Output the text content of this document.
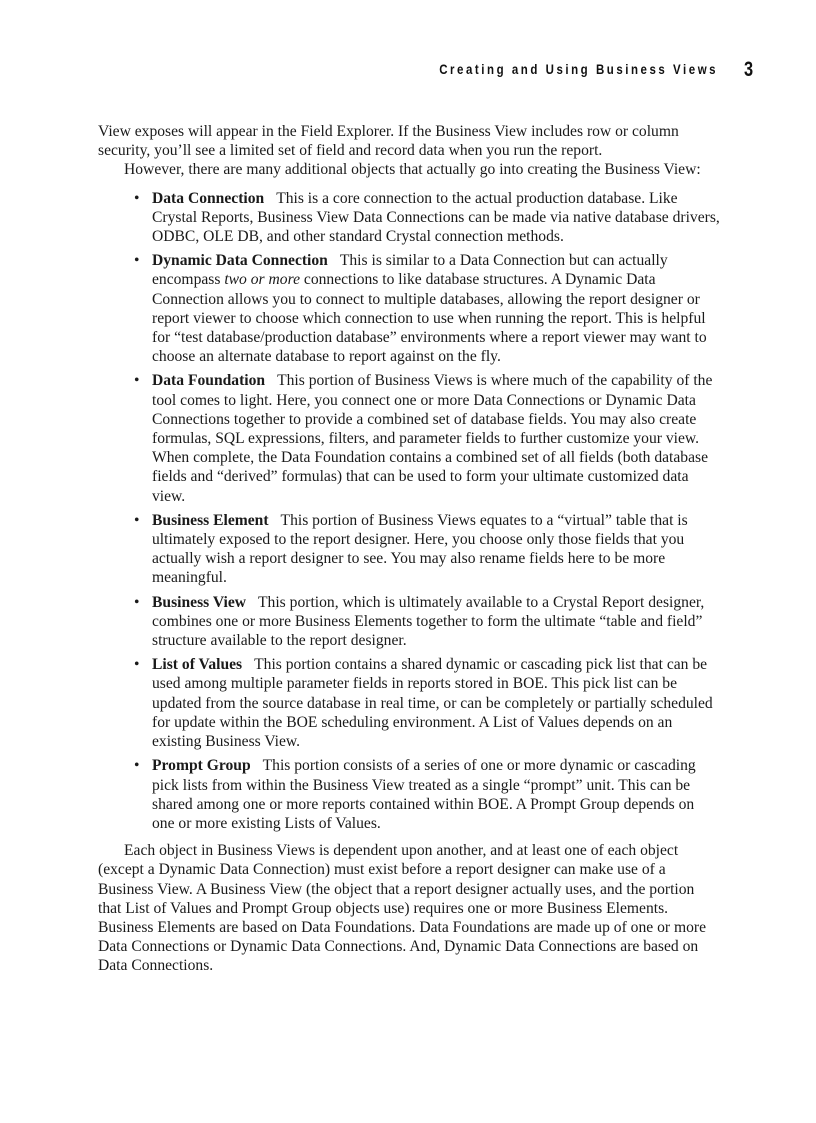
Creating and Using Business Views 3

View exposes will appear in the Field Explorer. If the Business View includes row or column security, you’ll see a limited set of field and record data when you run the report.

However, there are many additional objects that actually go into creating the Business View:

• Data Connection This is a core connection to the actual production database. Like Crystal Reports, Business View Data Connections can be made via native database drivers, ODBC, OLE DB, and other standard Crystal connection methods.
• Dynamic Data Connection This is similar to a Data Connection but can actually encompass two or more connections to like database structures. A Dynamic Data Connection allows you to connect to multiple databases, allowing the report designer or report viewer to choose which connection to use when running the report. This is helpful for “test database/production database” environments where a report viewer may want to choose an alternate database to report against on the fly.
• Data Foundation This portion of Business Views is where much of the capability of the tool comes to light. Here, you connect one or more Data Connections or Dynamic Data Connections together to provide a combined set of database fields. You may also create formulas, SQL expressions, filters, and parameter fields to further customize your view. When complete, the Data Foundation contains a combined set of all fields (both database fields and “derived” formulas) that can be used to form your ultimate customized data view.
• Business Element This portion of Business Views equates to a “virtual” table that is ultimately exposed to the report designer. Here, you choose only those fields that you actually wish a report designer to see. You may also rename fields here to be more meaningful.
• Business View This portion, which is ultimately available to a Crystal Report designer, combines one or more Business Elements together to form the ultimate “table and field” structure available to the report designer.
• List of Values This portion contains a shared dynamic or cascading pick list that can be used among multiple parameter fields in reports stored in BOE. This pick list can be updated from the source database in real time, or can be completely or partially scheduled for update within the BOE scheduling environment. A List of Values depends on an existing Business View.
• Prompt Group This portion consists of a series of one or more dynamic or cascading pick lists from within the Business View treated as a single “prompt” unit. This can be shared among one or more reports contained within BOE. A Prompt Group depends on one or more existing Lists of Values.

Each object in Business Views is dependent upon another, and at least one of each object (except a Dynamic Data Connection) must exist before a report designer can make use of a Business View. A Business View (the object that a report designer actually uses, and the portion that List of Values and Prompt Group objects use) requires one or more Business Elements. Business Elements are based on Data Foundations. Data Foundations are made up of one or more Data Connections or Dynamic Data Connections. And, Dynamic Data Connections are based on Data Connections.
